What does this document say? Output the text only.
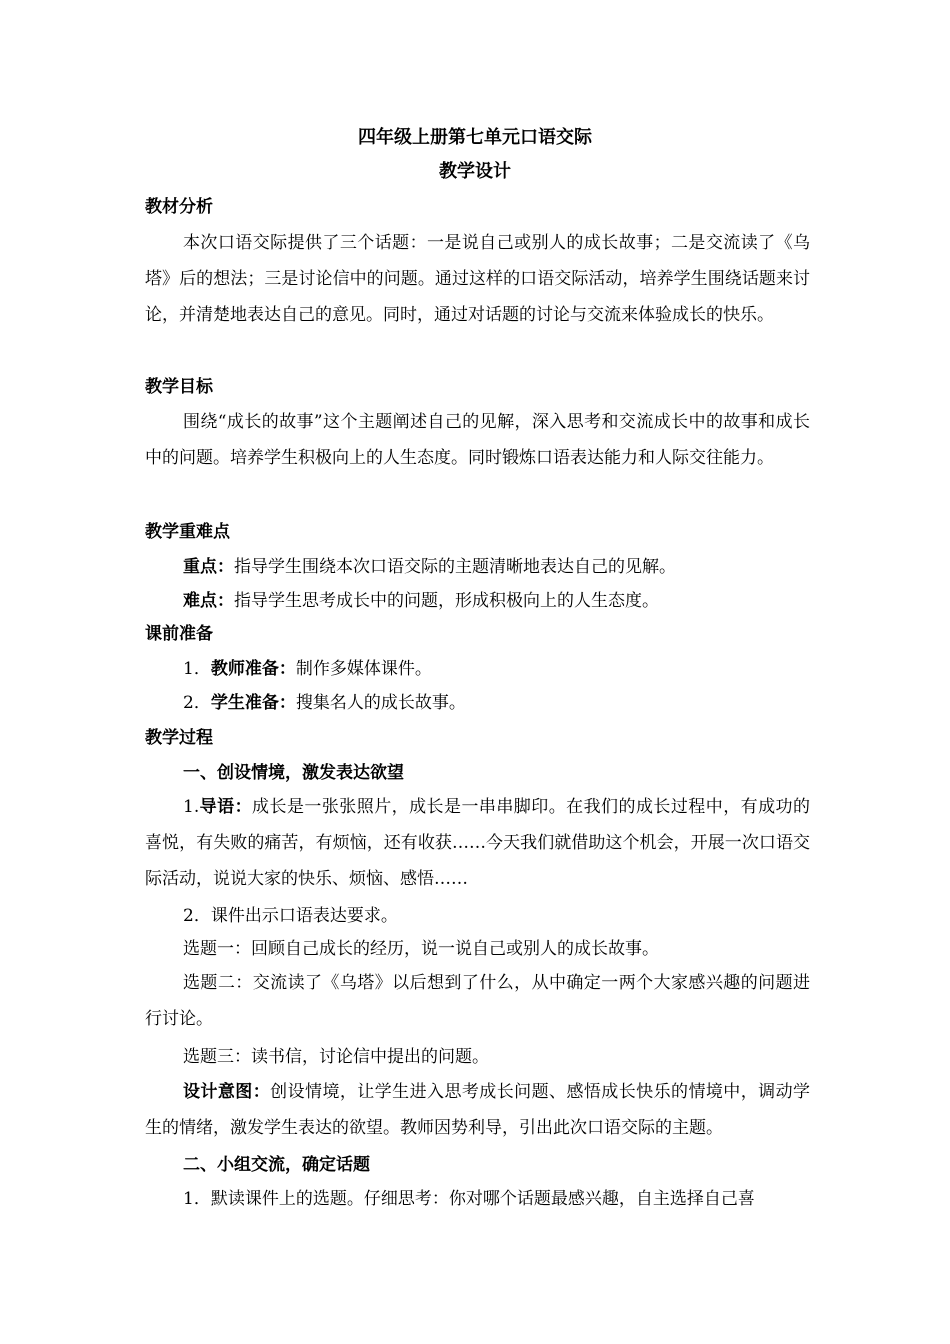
四年级上册第七单元口语交际
教学设计
教材分析
本次口语交际提供了三个话题：一是说自己或别人的成长故事；二是交流读了《乌塔》后的想法；三是讨论信中的问题。通过这样的口语交际活动，培养学生围绕话题来讨论，并清楚地表达自己的意见。同时，通过对话题的讨论与交流来体验成长的快乐。
教学目标
围绕“成长的故事”这个主题阐述自己的见解，深入思考和交流成长中的故事和成长中的问题。培养学生积极向上的人生态度。同时锻炼口语表达能力和人际交往能力。
教学重难点
重点：指导学生围绕本次口语交际的主题清晰地表达自己的见解。
难点：指导学生思考成长中的问题，形成积极向上的人生态度。
课前准备
1．教师准备：制作多媒体课件。
2．学生准备：搜集名人的成长故事。
教学过程
一、创设情境，激发表达欲望
1.导语：成长是一张张照片，成长是一串串脚印。在我们的成长过程中，有成功的喜悦，有失败的痛苦，有烦恼，还有收获……今天我们就借助这个机会，开展一次口语交际活动，说说大家的快乐、烦恼、感悟……
2．课件出示口语表达要求。
选题一：回顾自己成长的经历，说一说自己或别人的成长故事。
选题二：交流读了《乌塔》以后想到了什么，从中确定一两个大家感兴趣的问题进行讨论。
选题三：读书信，讨论信中提出的问题。
设计意图：创设情境，让学生进入思考成长问题、感悟成长快乐的情境中，调动学生的情绪，激发学生表达的欲望。教师因势利导，引出此次口语交际的主题。
二、小组交流，确定话题
1．默读课件上的选题。仔细思考：你对哪个话题最感兴趣，自主选择自己喜
